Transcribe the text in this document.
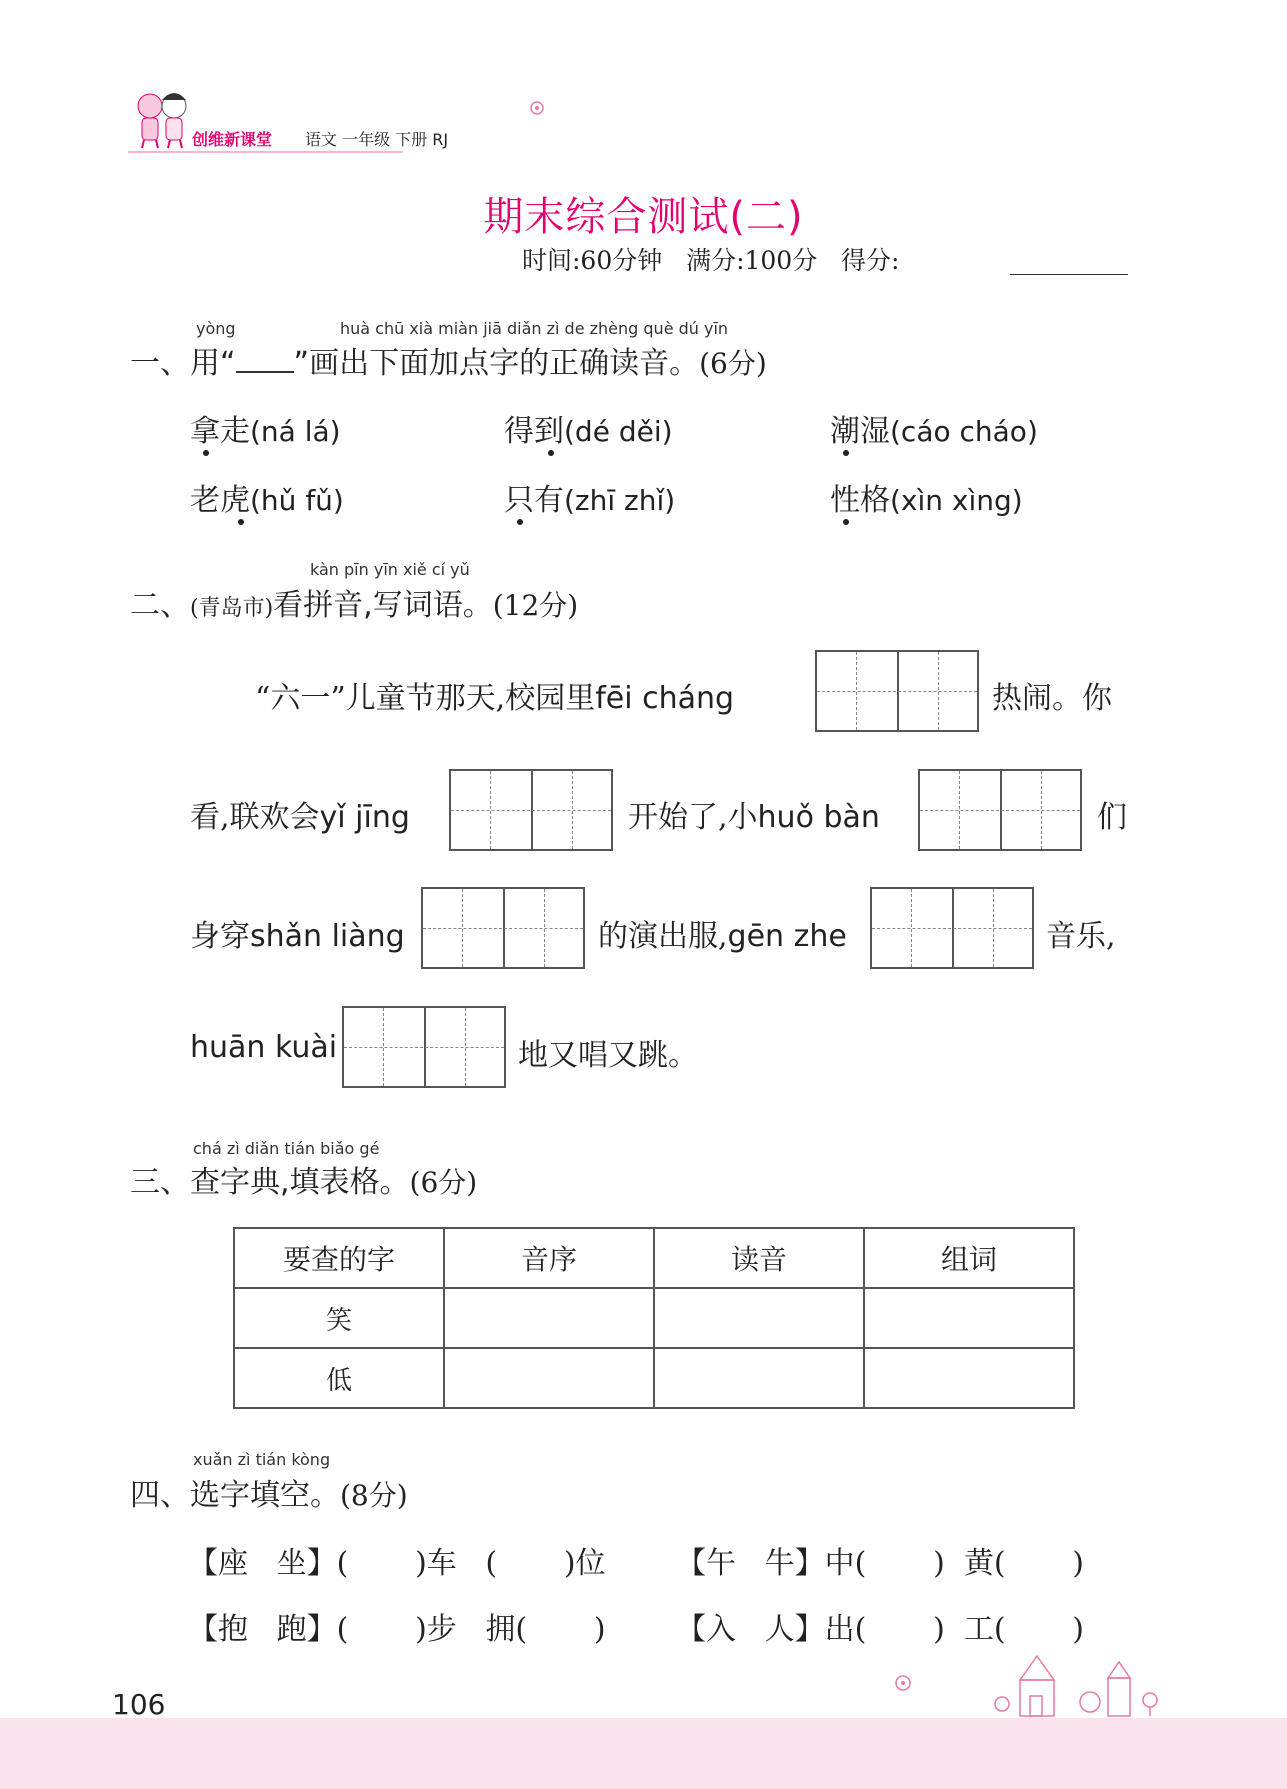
创维新课堂 语文 一年级 下册 RJ
期末综合测试(二)
时间:60分钟   满分:100分   得分:
yòng	huà chū xià miàn jiā diǎn zì de zhèng què dú yīn
一、用“ ”画出下面加点字的正确读音。(6分)
拿走(ná lá)	得到(dé děi)	潮湿(cáo cháo)
老虎(hǔ fǔ)	只有(zhī zhǐ)	性格(xìn xìng)
kàn pīn yīn xiě cí yǔ
二、(青岛市)看拼音,写词语。(12分)
“六一”儿童节那天,校园里fēi cháng	热闹。你
看,联欢会yǐ jīng	开始了,小huǒ bàn	们
身穿shǎn liàng	的演出服,gēn zhe	音乐,
huān kuài	地又唱又跳。
chá zì diǎn tián biǎo gé
三、查字典,填表格。(6分)
要查的字	音序	读音	组词
笑			
低			
xuǎn zì tián kòng
四、选字填空。(8分)
【座   坐】(       )车   (       )位 【午   牛】中(       )  黄(       )
【抱   跑】(       )步   拥(       ) 【入   人】出(       )  工(       )
106
